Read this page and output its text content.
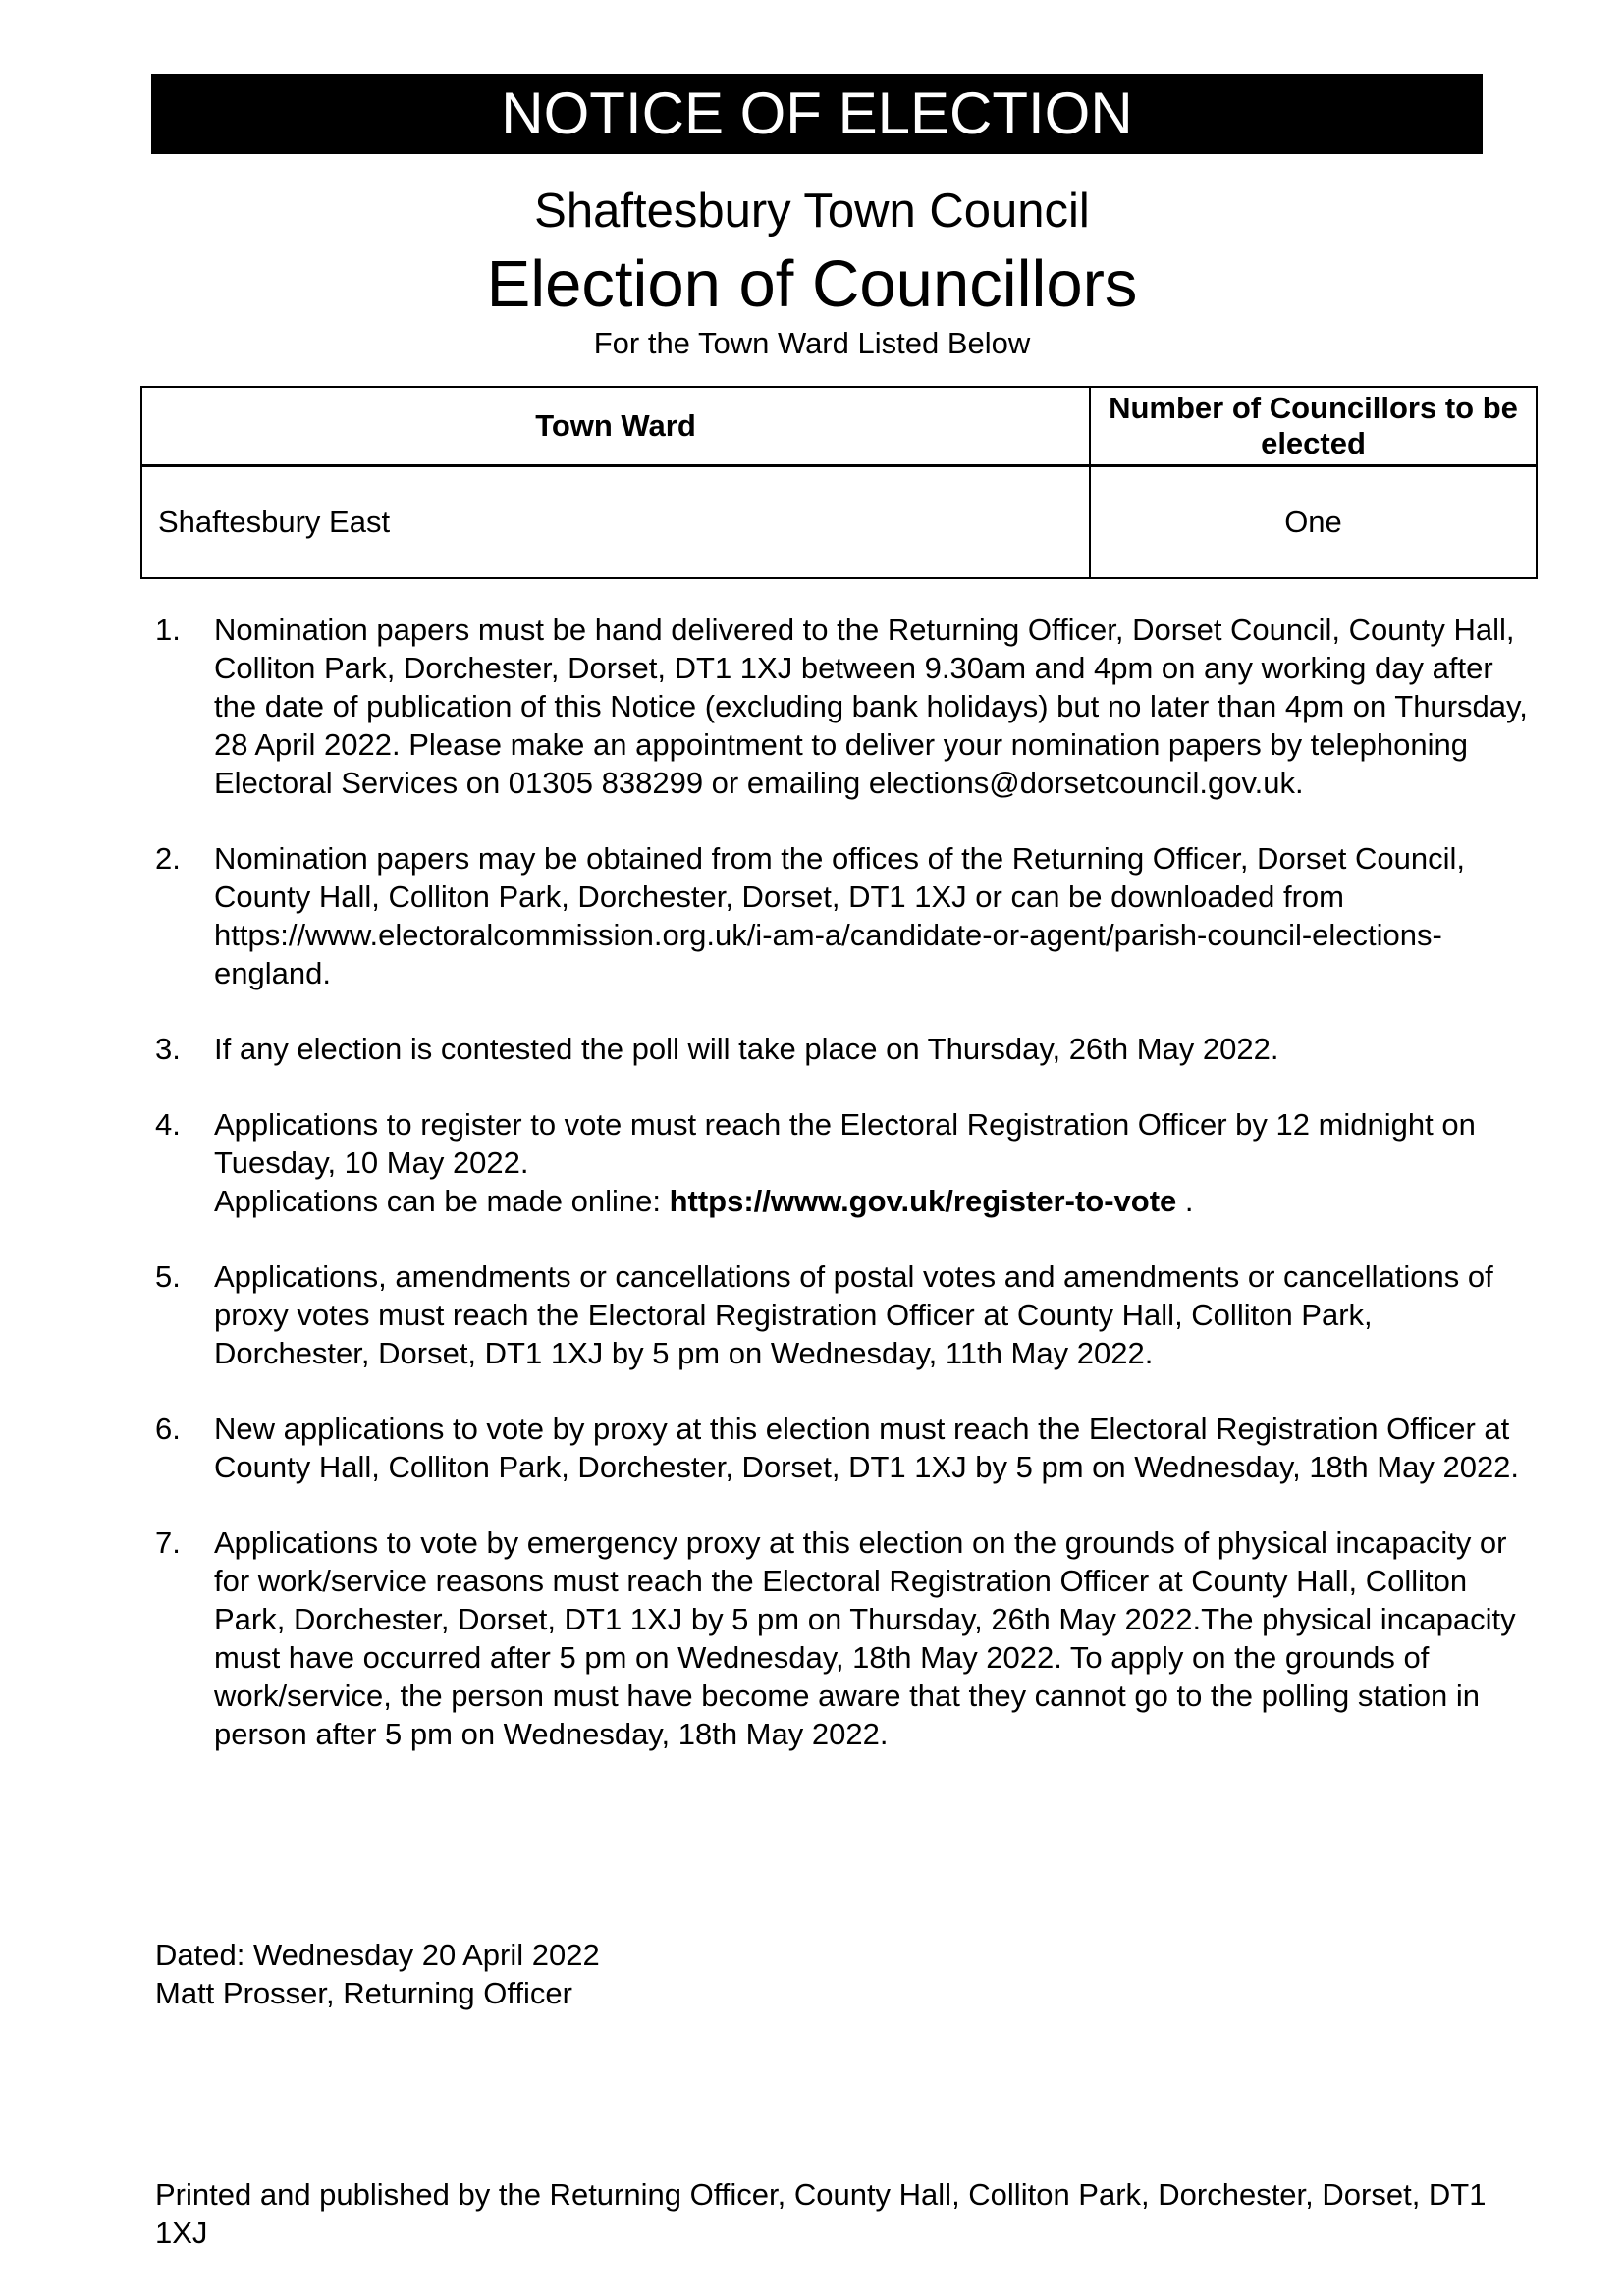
NOTICE OF ELECTION
Shaftesbury Town Council
Election of Councillors
For the Town Ward Listed Below
Town Ward	Number of Councillors to be elected
Shaftesbury East	One
1. Nomination papers must be hand delivered to the Returning Officer, Dorset Council, County Hall, Colliton Park, Dorchester, Dorset, DT1 1XJ between 9.30am and 4pm on any working day after the date of publication of this Notice (excluding bank holidays) but no later than 4pm on Thursday, 28 April 2022. Please make an appointment to deliver your nomination papers by telephoning Electoral Services on 01305 838299 or emailing elections@dorsetcouncil.gov.uk.
2. Nomination papers may be obtained from the offices of the Returning Officer, Dorset Council, County Hall, Colliton Park, Dorchester, Dorset, DT1 1XJ or can be downloaded from https://www.electoralcommission.org.uk/i-am-a/candidate-or-agent/parish-council-elections-england.
3. If any election is contested the poll will take place on Thursday, 26th May 2022.
4. Applications to register to vote must reach the Electoral Registration Officer by 12 midnight on Tuesday, 10 May 2022.
Applications can be made online: https://www.gov.uk/register-to-vote .
5. Applications, amendments or cancellations of postal votes and amendments or cancellations of proxy votes must reach the Electoral Registration Officer at County Hall, Colliton Park, Dorchester, Dorset, DT1 1XJ by 5 pm on Wednesday, 11th May 2022.
6. New applications to vote by proxy at this election must reach the Electoral Registration Officer at County Hall, Colliton Park, Dorchester, Dorset, DT1 1XJ by 5 pm on Wednesday, 18th May 2022.
7. Applications to vote by emergency proxy at this election on the grounds of physical incapacity or for work/service reasons must reach the Electoral Registration Officer at County Hall, Colliton Park, Dorchester, Dorset, DT1 1XJ by 5 pm on Thursday, 26th May 2022.The physical incapacity must have occurred after 5 pm on Wednesday, 18th May 2022. To apply on the grounds of work/service, the person must have become aware that they cannot go to the polling station in person after 5 pm on Wednesday, 18th May 2022.
Dated: Wednesday 20 April 2022
Matt Prosser, Returning Officer
Printed and published by the Returning Officer, County Hall, Colliton Park, Dorchester, Dorset, DT1 1XJ
